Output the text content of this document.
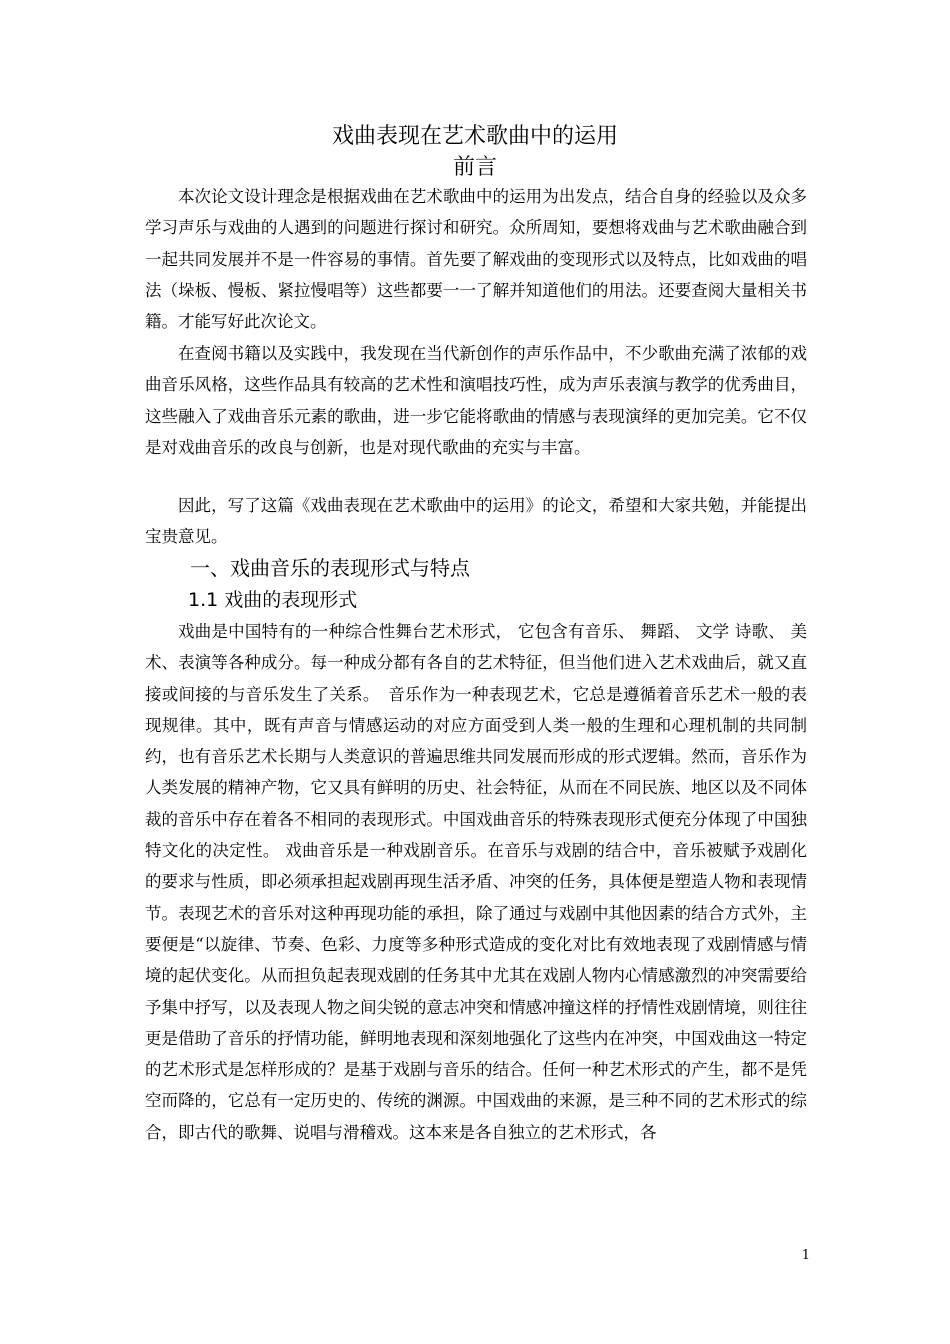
戏曲表现在艺术歌曲中的运用
前言

本次论文设计理念是根据戏曲在艺术歌曲中的运用为出发点，结合自身的经验以及众多学习声乐与戏曲的人遇到的问题进行探讨和研究。众所周知，要想将戏曲与艺术歌曲融合到一起共同发展并不是一件容易的事情。首先要了解戏曲的变现形式以及特点，比如戏曲的唱法（垛板、慢板、紧拉慢唱等）这些都要一一了解并知道他们的用法。还要查阅大量相关书籍。才能写好此次论文。

在查阅书籍以及实践中，我发现在当代新创作的声乐作品中，不少歌曲充满了浓郁的戏曲音乐风格，这些作品具有较高的艺术性和演唱技巧性，成为声乐表演与教学的优秀曲目，这些融入了戏曲音乐元素的歌曲，进一步它能将歌曲的情感与表现演绎的更加完美。它不仅是对戏曲音乐的改良与创新，也是对现代歌曲的充实与丰富。

因此，写了这篇《戏曲表现在艺术歌曲中的运用》的论文，希望和大家共勉，并能提出宝贵意见。

一、戏曲音乐的表现形式与特点
1.1 戏曲的表现形式

戏曲是中国特有的一种综合性舞台艺术形式， 它包含有音乐、 舞蹈、 文学 诗歌、 美术、表演等各种成分。每一种成分都有各自的艺术特征，但当他们进入艺术戏曲后，就又直接或间接的与音乐发生了关系。　音乐作为一种表现艺术，它总是遵循着音乐艺术一般的表现规律。其中，既有声音与情感运动的对应方面受到人类一般的生理和心理机制的共同制约，也有音乐艺术长期与人类意识的普遍思维共同发展而形成的形式逻辑。然而，音乐作为人类发展的精神产物，它又具有鲜明的历史、社会特征，从而在不同民族、地区以及不同体裁的音乐中存在着各不相同的表现形式。中国戏曲音乐的特殊表现形式便充分体现了中国独特文化的决定性。 戏曲音乐是一种戏剧音乐。在音乐与戏剧的结合中，音乐被赋予戏剧化的要求与性质，即必须承担起戏剧再现生活矛盾、冲突的任务，具体便是塑造人物和表现情节。表现艺术的音乐对这种再现功能的承担，除了通过与戏剧中其他因素的结合方式外，主要便是“以旋律、节奏、色彩、力度等多种形式造成的变化对比有效地表现了戏剧情感与情境的起伏变化。从而担负起表现戏剧的任务其中尤其在戏剧人物内心情感激烈的冲突需要给予集中抒写，以及表现人物之间尖锐的意志冲突和情感冲撞这样的抒情性戏剧情境，则往往更是借助了音乐的抒情功能，鲜明地表现和深刻地强化了这些内在冲突，中国戏曲这一特定的艺术形式是怎样形成的？是基于戏剧与音乐的结合。任何一种艺术形式的产生，都不是凭空而降的，它总有一定历史的、传统的渊源。中国戏曲的来源，是三种不同的艺术形式的综合，即古代的歌舞、说唱与滑稽戏。这本来是各自独立的艺术形式，各

1
